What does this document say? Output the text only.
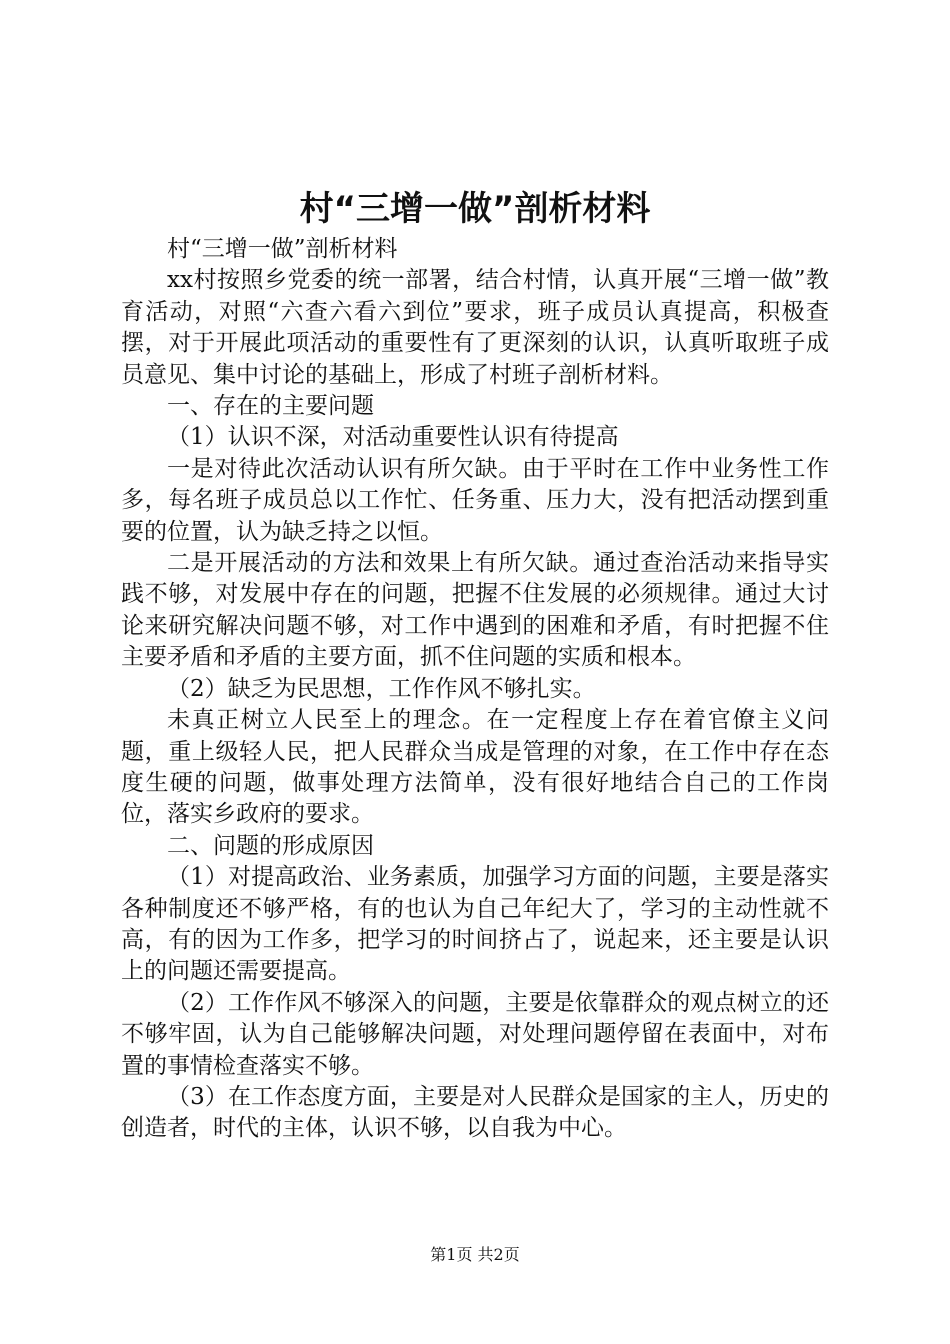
村“三增一做”剖析材料

村“三增一做”剖析材料

xx村按照乡党委的统一部署，结合村情，认真开展“三增一做”教育活动，对照“六查六看六到位”要求，班子成员认真提高，积极查摆，对于开展此项活动的重要性有了更深刻的认识，认真听取班子成员意见、集中讨论的基础上，形成了村班子剖析材料。

一、存在的主要问题

（1）认识不深，对活动重要性认识有待提高

一是对待此次活动认识有所欠缺。由于平时在工作中业务性工作多，每名班子成员总以工作忙、任务重、压力大，没有把活动摆到重要的位置，认为缺乏持之以恒。

二是开展活动的方法和效果上有所欠缺。通过查治活动来指导实践不够，对发展中存在的问题，把握不住发展的必须规律。通过大讨论来研究解决问题不够，对工作中遇到的困难和矛盾，有时把握不住主要矛盾和矛盾的主要方面，抓不住问题的实质和根本。

（2）缺乏为民思想，工作作风不够扎实。

未真正树立人民至上的理念。在一定程度上存在着官僚主义问题，重上级轻人民，把人民群众当成是管理的对象，在工作中存在态度生硬的问题，做事处理方法简单，没有很好地结合自己的工作岗位，落实乡政府的要求。

二、问题的形成原因

（1）对提高政治、业务素质，加强学习方面的问题，主要是落实各种制度还不够严格，有的也认为自己年纪大了，学习的主动性就不高，有的因为工作多，把学习的时间挤占了，说起来，还主要是认识上的问题还需要提高。

（2）工作作风不够深入的问题，主要是依靠群众的观点树立的还不够牢固，认为自己能够解决问题，对处理问题停留在表面中，对布置的事情检查落实不够。

（3）在工作态度方面，主要是对人民群众是国家的主人，历史的创造者，时代的主体，认识不够，以自我为中心。

第1页 共2页
